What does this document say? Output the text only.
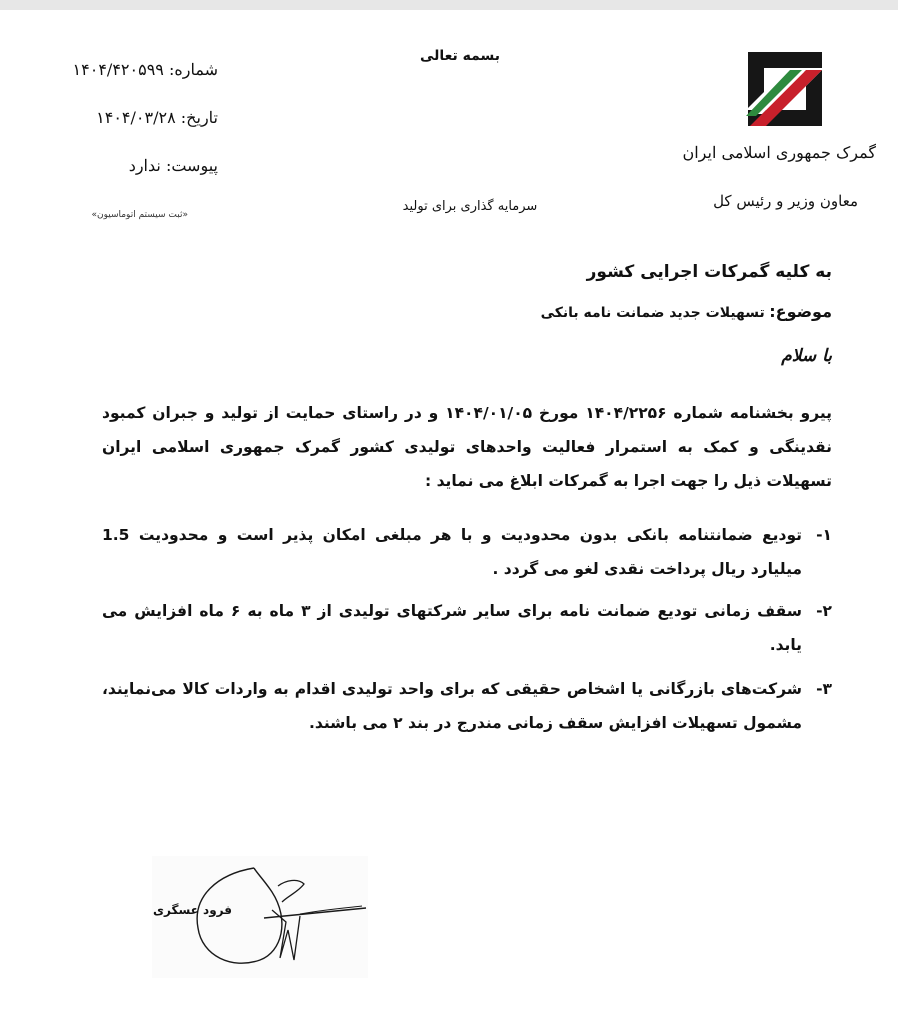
گمرک جمهوری اسلامی ایران
معاون وزیر و رئیس کل
بسمه تعالی
سرمایه گذاری برای تولید
شماره: ۱۴۰۴/۴۲۰۵۹۹
تاریخ: ۱۴۰۴/۰۳/۲۸
پیوست: ندارد
«ثبت سیستم اتوماسیون»
به کلیه گمرکات اجرایی کشور
موضوع: تسهیلات جدید ضمانت نامه بانکی
با سلام
پیرو بخشنامه شماره ۱۴۰۴/۲۲۵۶ مورخ ۱۴۰۴/۰۱/۰۵ و در راستای حمایت از تولید و جبران کمبود نقدینگی و کمک به استمرار فعالیت واحدهای تولیدی کشور گمرک جمهوری اسلامی ایران تسهیلات ذیل را جهت اجرا به گمرکات ابلاغ می نماید :
۱-
تودیع ضمانتنامه بانکی بدون محدودیت و با هر مبلغی امکان پذیر است و محدودیت 1.5 میلیارد ریال پرداخت نقدی لغو می گردد .
۲-
سقف زمانی تودیع ضمانت نامه برای سایر شرکتهای تولیدی از ۳ ماه به ۶ ماه افزایش می یابد.
۳-
شرکت‌های بازرگانی یا اشخاص حقیقی که برای واحد تولیدی اقدام به واردات کالا می‌نمایند، مشمول تسهیلات افزایش سقف زمانی مندرج در بند ۲ می باشند.
فرود عسگری
